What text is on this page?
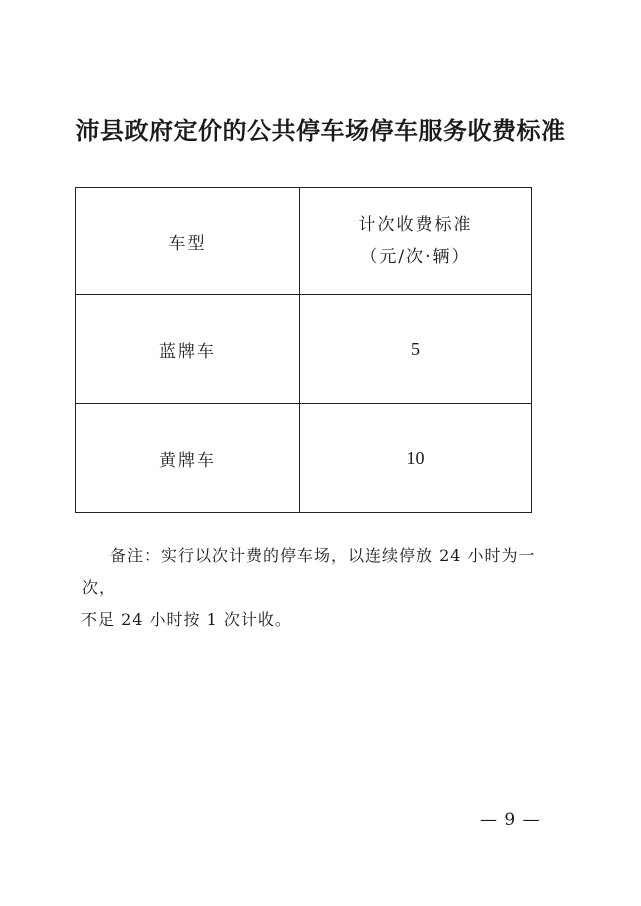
沛县政府定价的公共停车场停车服务收费标准
车型	计次收费标准
（元/次·辆）

蓝牌车	5
黄牌车	10
备注：实行以次计费的停车场，以连续停放 24 小时为一次，
不足 24 小时按 1 次计收。
— 9 —
